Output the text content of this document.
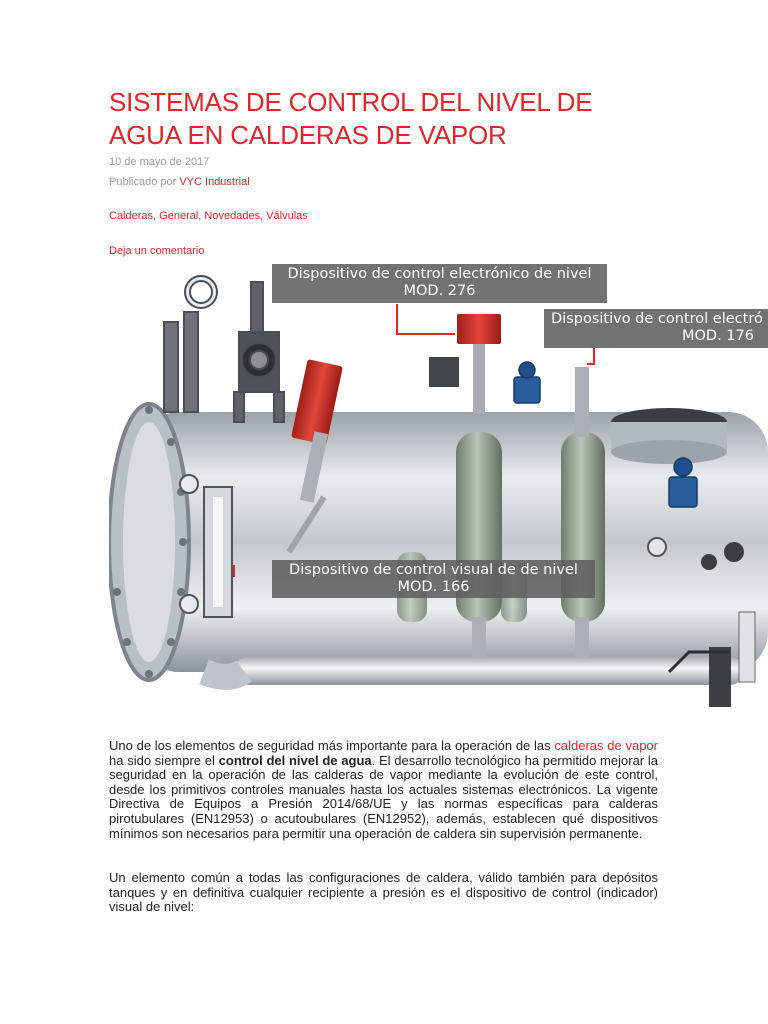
SISTEMAS DE CONTROL DEL NIVEL DE AGUA EN CALDERAS DE VAPOR
10 de mayo de 2017
Publicado por VYC Industrial
Calderas, General, Novedades, Válvulas
Deja un comentario
Dispositivo de control electrónico de nivel
MOD. 276
Dispositivo de control electró
MOD. 176
Dispositivo de control visual de de nivel
MOD. 166

Uno de los elementos de seguridad más importante para la operación de las calderas de vapor ha sido siempre el control del nivel de agua. El desarrollo tecnológico ha permitido mejorar la seguridad en la operación de las calderas de vapor mediante la evolución de este control, desde los primitivos controles manuales hasta los actuales sistemas electrónicos. La vigente Directiva de Equipos a Presión 2014/68/UE y las normas específicas para calderas pirotubulares (EN12953) o acutoubulares (EN12952), además, establecen qué dispositivos mínimos son necesarios para permitir una operación de caldera sin supervisión permanente.

Un elemento común a todas las configuraciones de caldera, válido también para depósitos tanques y en definitiva cualquier recipiente a presión es el dispositivo de control (indicador) visual de nivel:
